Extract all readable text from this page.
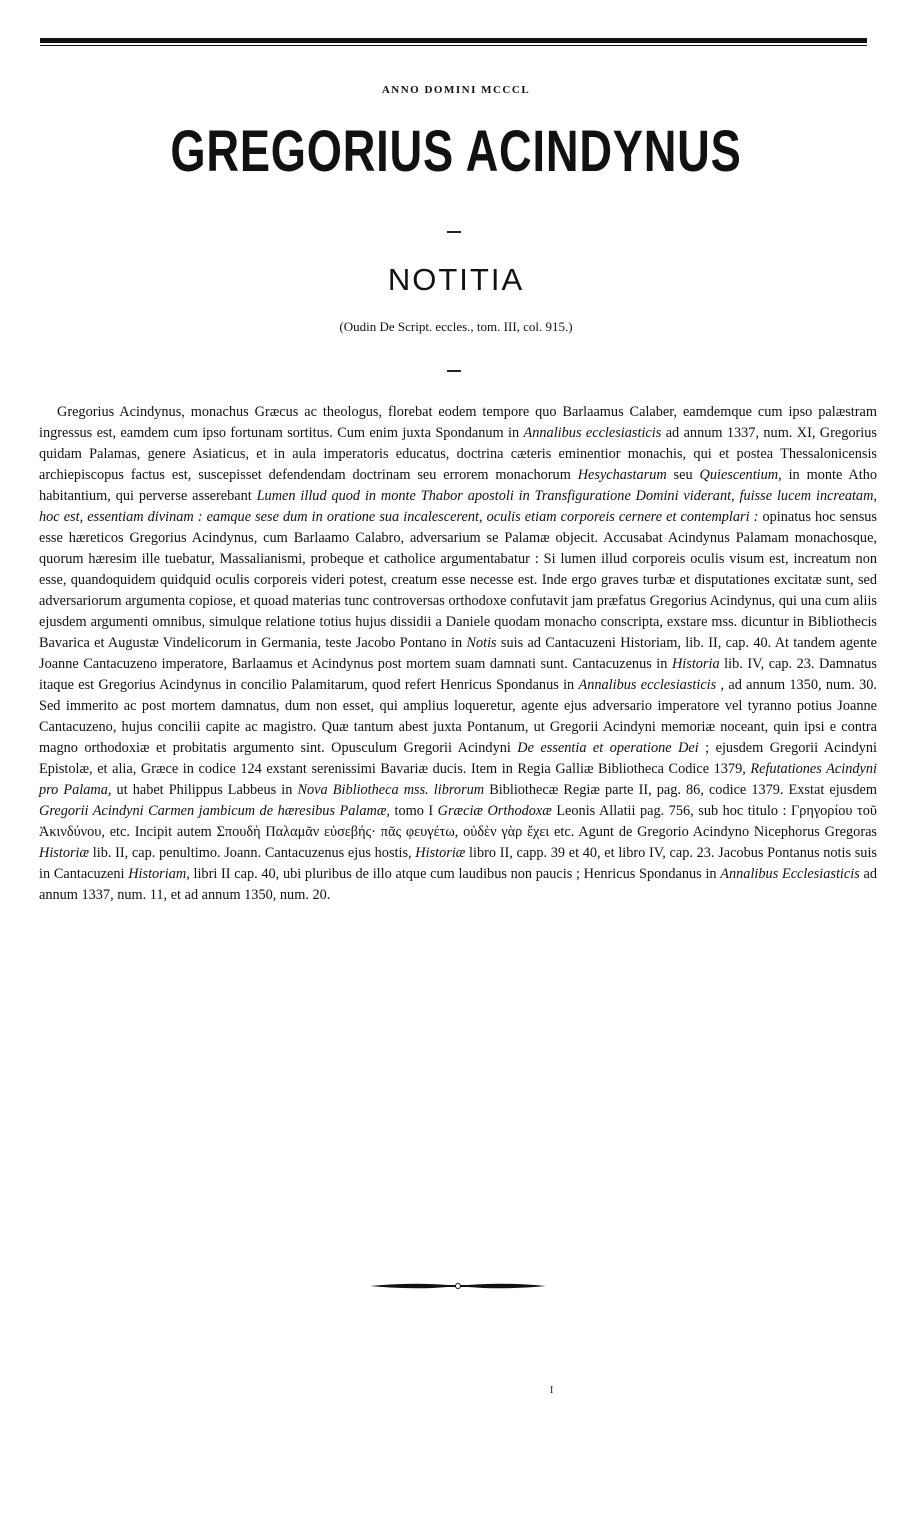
ANNO DOMINI MCCCL
GREGORIUS ACINDYNUS
NOTITIA
(Oudin De Script. eccles., tom. III, col. 915.)
Gregorius Acindynus, monachus Græcus ac theologus, florebat eodem tempore quo Barlaamus Calaber, eamdemque cum ipso palæstram ingressus est, eamdem cum ipso fortunam sortitus. Cum enim juxta Spondanum in Annalibus ecclesiasticis ad annum 1337, num. XI, Gregorius quidam Palamas, genere Asiaticus, et in aula imperatoris educatus, doctrina cæteris eminentior monachis, qui et postea Thessalonicensis archiepiscopus factus est, suscepisset defendendam doctrinam seu errorem monachorum Hesychastarum seu Quiescentium, in monte Atho habitantium, qui perverse asserebant Lumen illud quod in monte Thabor apostoli in Transfiguratione Domini viderant, fuisse lucem increatam, hoc est, essentiam divinam : eamque sese dum in oratione sua incalescerent, oculis etiam corporeis cernere et contemplari : opinatus hoc sensus esse hæreticos Gregorius Acindynus, cum Barlaamo Calabro, adversarium se Palamæ objecit. Accusabat Acindynus Palamam monachosque, quorum hæresim ille tuebatur, Massalianismi, probeque et catholice argumentabatur : Si lumen illud corporeis oculis visum est, increatum non esse, quandoquidem quidquid oculis corporeis videri potest, creatum esse necesse est. Inde ergo graves turbæ et disputationes excitatæ sunt, sed adversariorum argumenta copiose, et quoad materias tunc controversas orthodoxe confutavit jam præfatus Gregorius Acindynus, qui una cum aliis ejusdem argumenti omnibus, simulque relatione totius hujus dissidii a Daniele quodam monacho conscripta, exstare mss. dicuntur in Bibliothecis Bavarica et Augustæ Vindelicorum in Germania, teste Jacobo Pontano in Notis suis ad Cantacuzeni Historiam, lib. II, cap. 40. At tandem agente Joanne Cantacuzeno imperatore, Barlaamus et Acindynus post mortem suam damnati sunt. Cantacuzenus in Historia lib. IV, cap. 23. Damnatus itaque est Gregorius Acindynus in concilio Palamitarum, quod refert Henricus Spondanus in Annalibus ecclesiasticis , ad annum 1350, num. 30. Sed immerito ac post mortem damnatus, dum non esset, qui amplius loqueretur, agente ejus adversario imperatore vel tyranno potius Joanne Cantacuzeno, hujus concilii capite ac magistro. Quæ tantum abest juxta Pontanum, ut Gregorii Acindyni memoriæ noceant, quin ipsi e contra magno orthodoxiæ et probitatis argumento sint. Opusculum Gregorii Acindyni De essentia et operatione Dei ; ejusdem Gregorii Acindyni Epistolæ, et alia, Græce in codice 124 exstant serenissimi Bavariæ ducis. Item in Regia Galliæ Bibliotheca Codice 1379, Refutationes Acindyni pro Palama, ut habet Philippus Labbeus in Nova Bibliotheca mss. librorum Bibliothecæ Regiæ parte II, pag. 86, codice 1379. Exstat ejusdem Gregorii Acindyni Carmen jambicum de hæresibus Palamæ, tomo I Græciæ Orthodoxæ Leonis Allatii pag. 756, sub hoc titulo : Γρηγορίου τοῦ Ἀκινδύνου, etc. Incipit autem Σπουδὴ Παλαμᾶν εὐσεβής· πᾶς φευγέτω, οὐδὲν γὰρ ἔχει etc. Agunt de Gregorio Acindyno Nicephorus Gregoras Historiæ lib. II, cap. penultimo. Joann. Cantacuzenus ejus hostis, Historiæ libro II, capp. 39 et 40, et libro IV, cap. 23. Jacobus Pontanus notis suis in Cantacuzeni Historiam, libri II cap. 40, ubi pluribus de illo atque cum laudibus non paucis ; Henricus Spondanus in Annalibus Ecclesiasticis ad annum 1337, num. 11, et ad annum 1350, num. 20.
I
